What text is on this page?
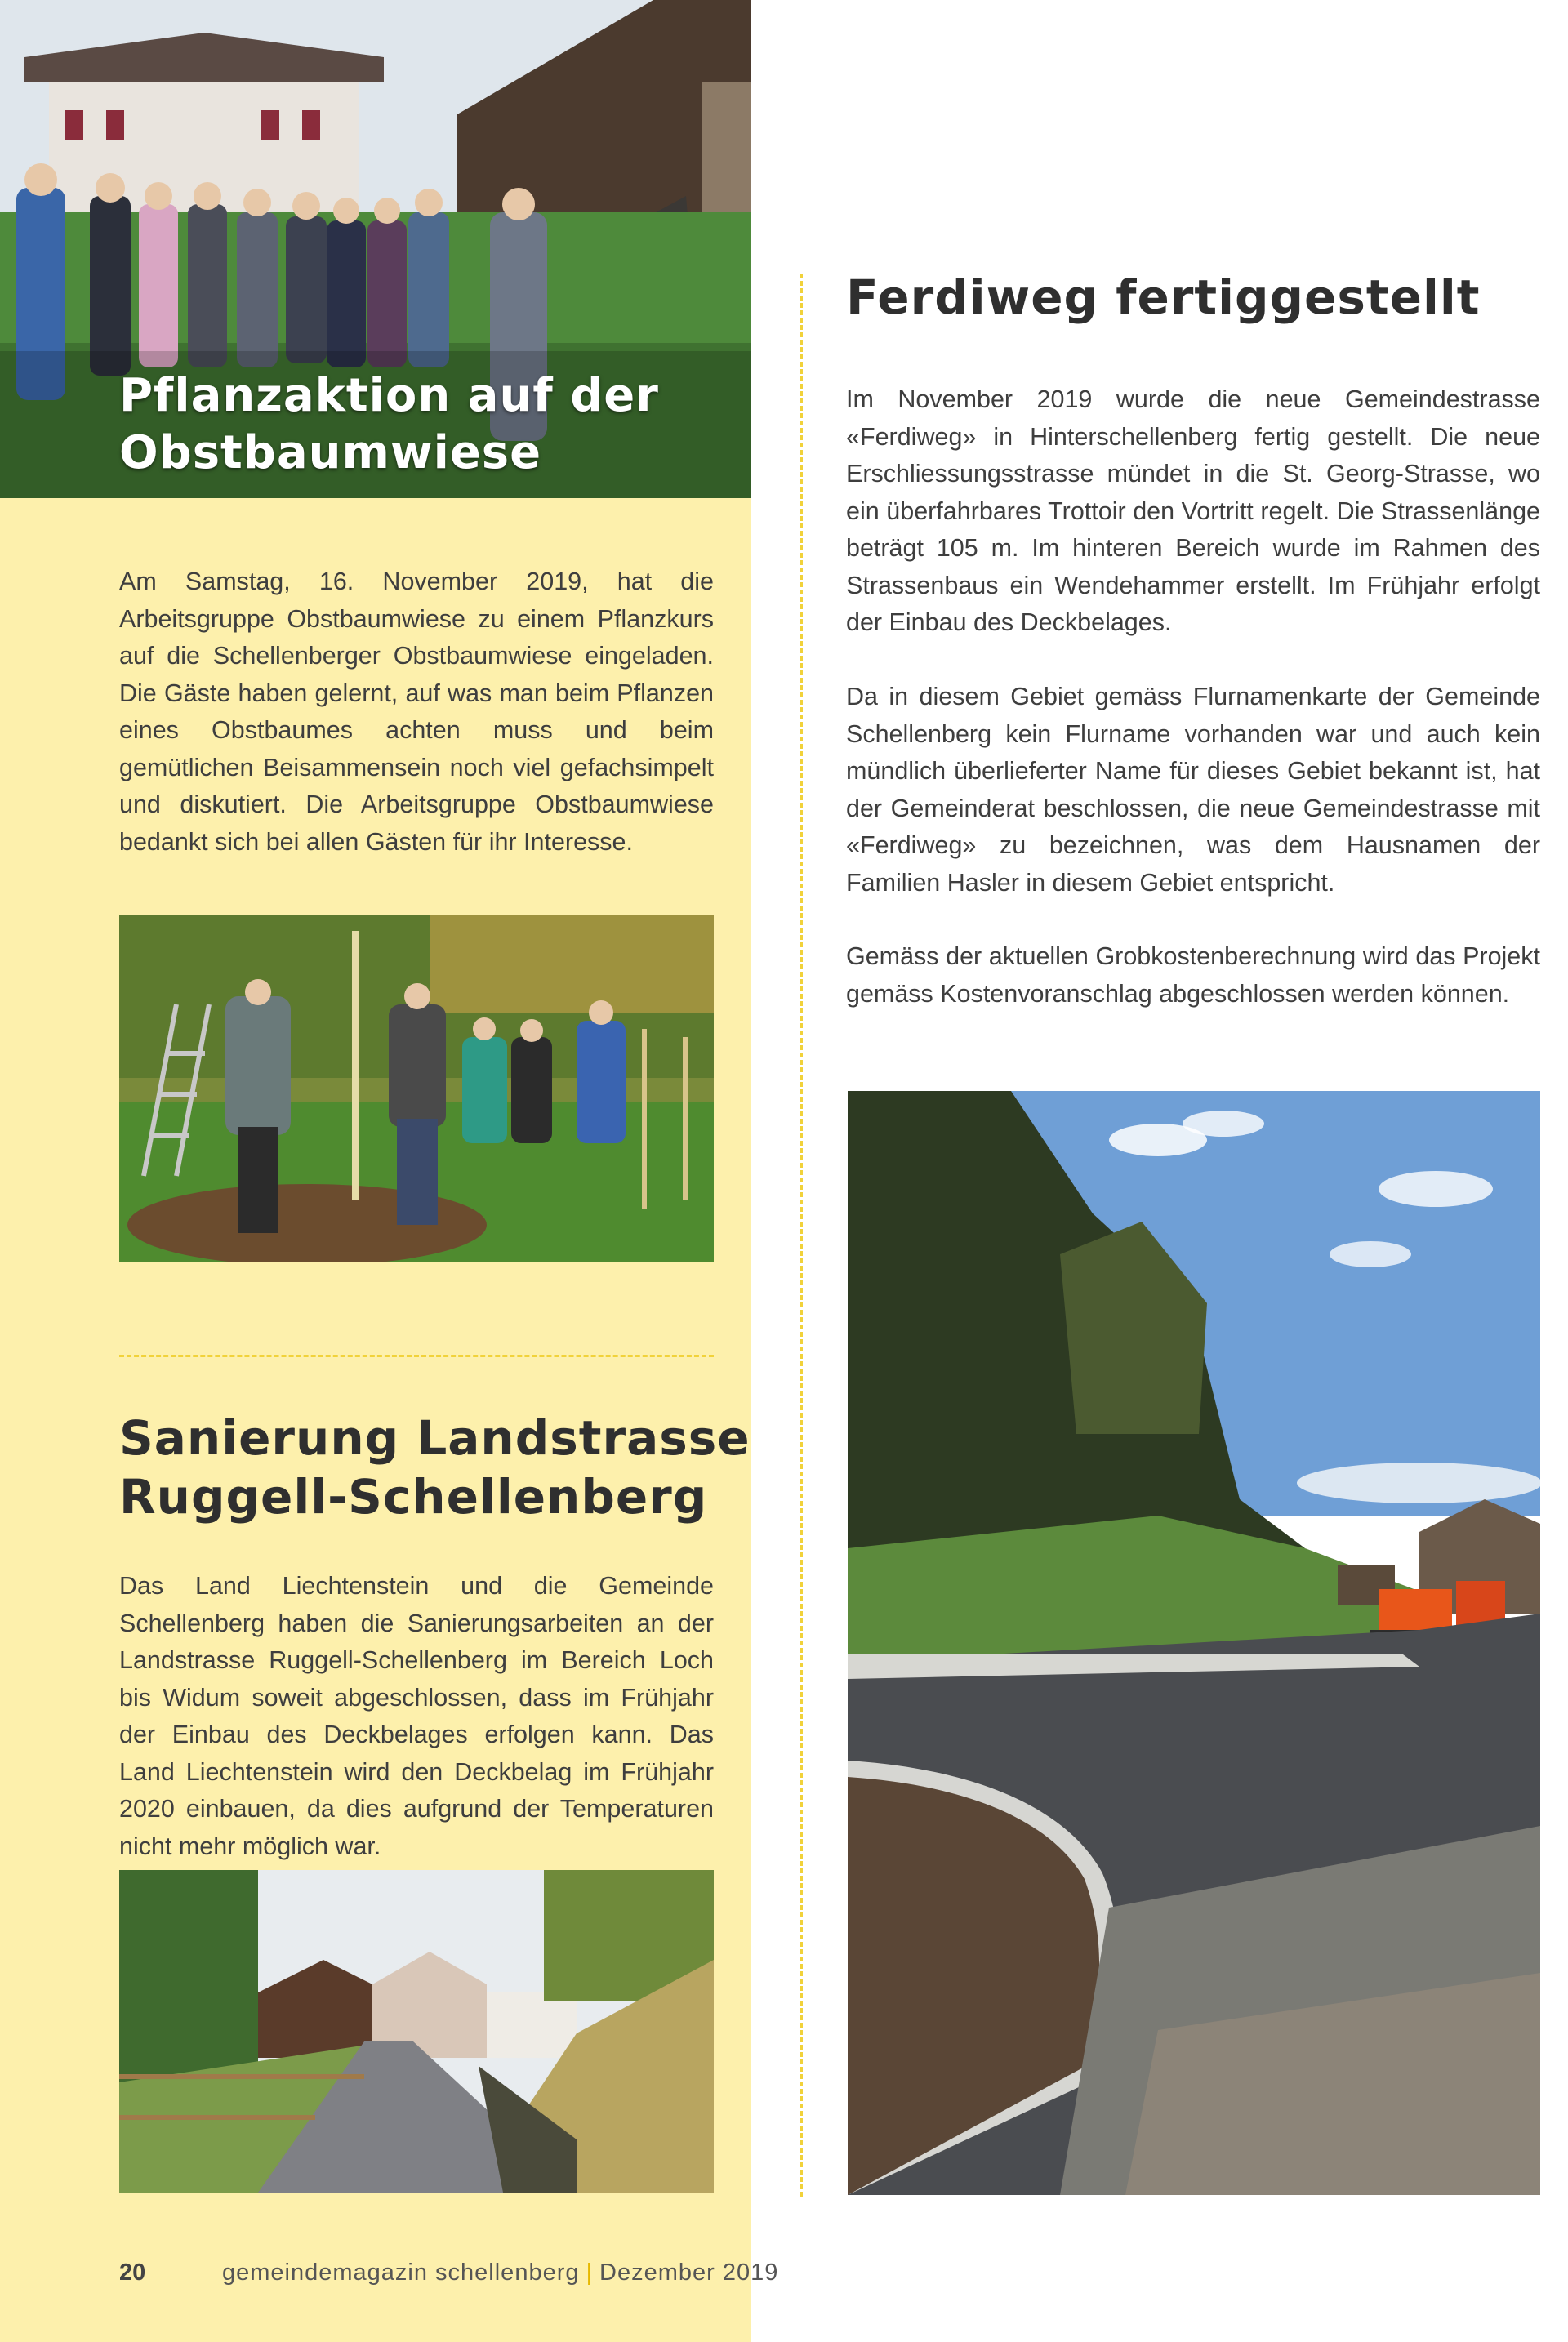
Pflanzaktion auf der
Obstbaumwiese

Am Samstag, 16. November 2019, hat die Arbeitsgruppe Obstbaumwiese zu einem Pflanzkurs auf die Schellenberger Obstbaumwiese eingeladen. Die Gäste haben gelernt, auf was man beim Pflanzen eines Obstbaumes achten muss und beim gemütlichen Beisammensein noch viel gefachsimpelt und diskutiert. Die Arbeitsgruppe Obstbaumwiese bedankt sich bei allen Gästen für ihr Interesse.

Sanierung Landstrasse
Ruggell-Schellenberg

Das Land Liechtenstein und die Gemeinde Schellenberg haben die Sanierungsarbeiten an der Landstrasse Ruggell-Schellenberg im Bereich Loch bis Widum soweit abgeschlossen, dass im Frühjahr der Einbau des Deckbelages erfolgen kann. Das Land Liechtenstein wird den Deckbelag im Frühjahr 2020 einbauen, da dies aufgrund der Temperaturen nicht mehr möglich war.

Ferdiweg fertiggestellt

Im November 2019 wurde die neue Gemeindestrasse «Ferdiweg» in Hinterschellenberg fertig gestellt. Die neue Erschliessungsstrasse mündet in die St. Georg-Strasse, wo ein überfahrbares Trottoir den Vortritt regelt. Die Strassenlänge beträgt 105 m. Im hinteren Bereich wurde im Rahmen des Strassenbaus ein Wendehammer erstellt. Im Frühjahr erfolgt der Einbau des Deckbelages.

Da in diesem Gebiet gemäss Flurnamenkarte der Gemeinde Schellenberg kein Flurname vorhanden war und auch kein mündlich überlieferter Name für dieses Gebiet bekannt ist, hat der Gemeinderat beschlossen, die neue Gemeindestrasse mit «Ferdiweg» zu bezeichnen, was dem Hausnamen der Familien Hasler in diesem Gebiet entspricht.

Gemäss der aktuellen Grobkostenberechnung wird das Projekt gemäss Kostenvoranschlag abgeschlossen werden können.

20	gemeindemagazin schellenberg | Dezember 2019
